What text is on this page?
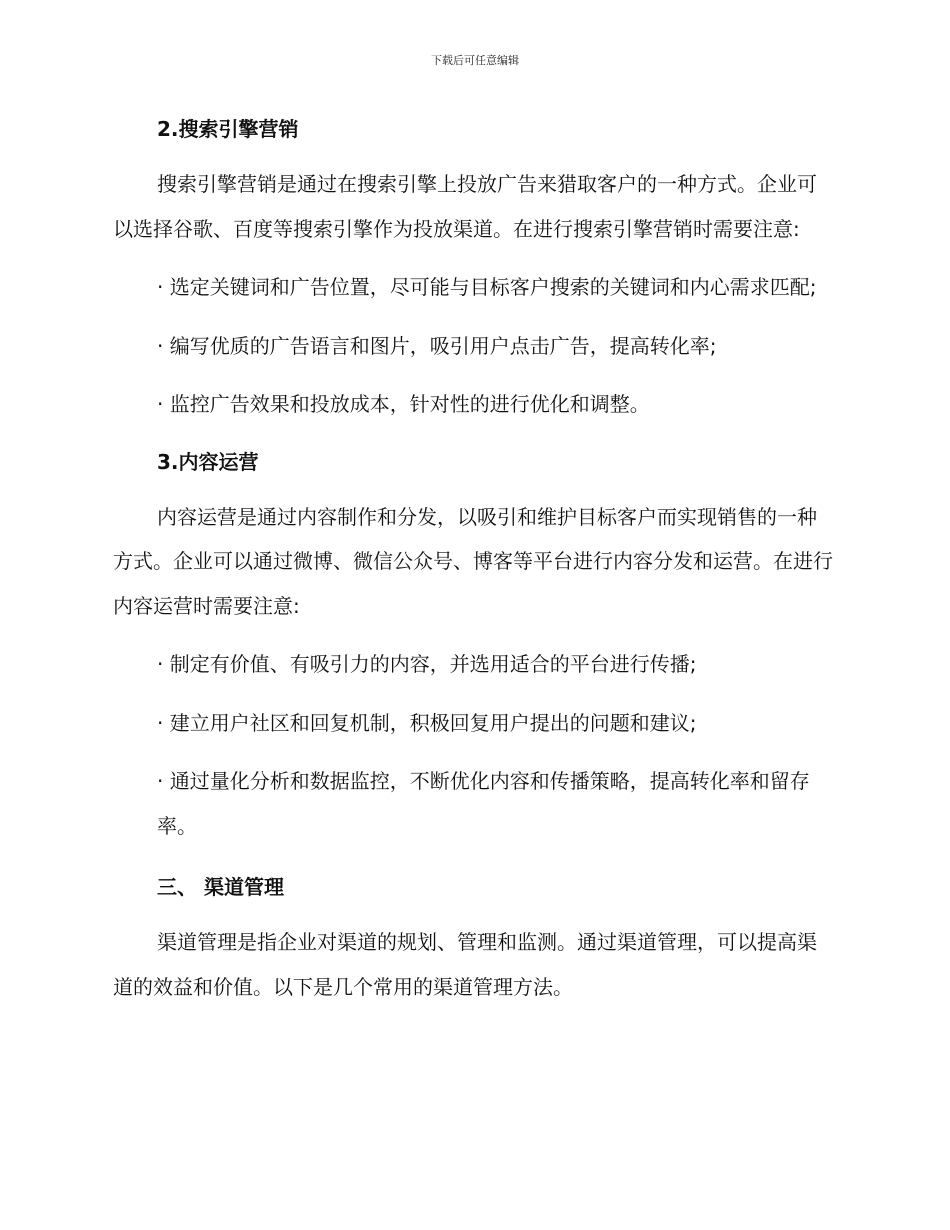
下载后可任意编辑
2.搜索引擎营销
搜索引擎营销是通过在搜索引擎上投放广告来猎取客户的一种方式。企业可以选择谷歌、百度等搜索引擎作为投放渠道。在进行搜索引擎营销时需要注意:
· 选定关键词和广告位置，尽可能与目标客户搜索的关键词和内心需求匹配;
· 编写优质的广告语言和图片，吸引用户点击广告，提高转化率;
· 监控广告效果和投放成本，针对性的进行优化和调整。
3.内容运营
内容运营是通过内容制作和分发，以吸引和维护目标客户而实现销售的一种方式。企业可以通过微博、微信公众号、博客等平台进行内容分发和运营。在进行内容运营时需要注意:
· 制定有价值、有吸引力的内容，并选用适合的平台进行传播;
· 建立用户社区和回复机制，积极回复用户提出的问题和建议;
· 通过量化分析和数据监控，不断优化内容和传播策略，提高转化率和留存率。
三、 渠道管理
渠道管理是指企业对渠道的规划、管理和监测。通过渠道管理，可以提高渠道的效益和价值。以下是几个常用的渠道管理方法。
